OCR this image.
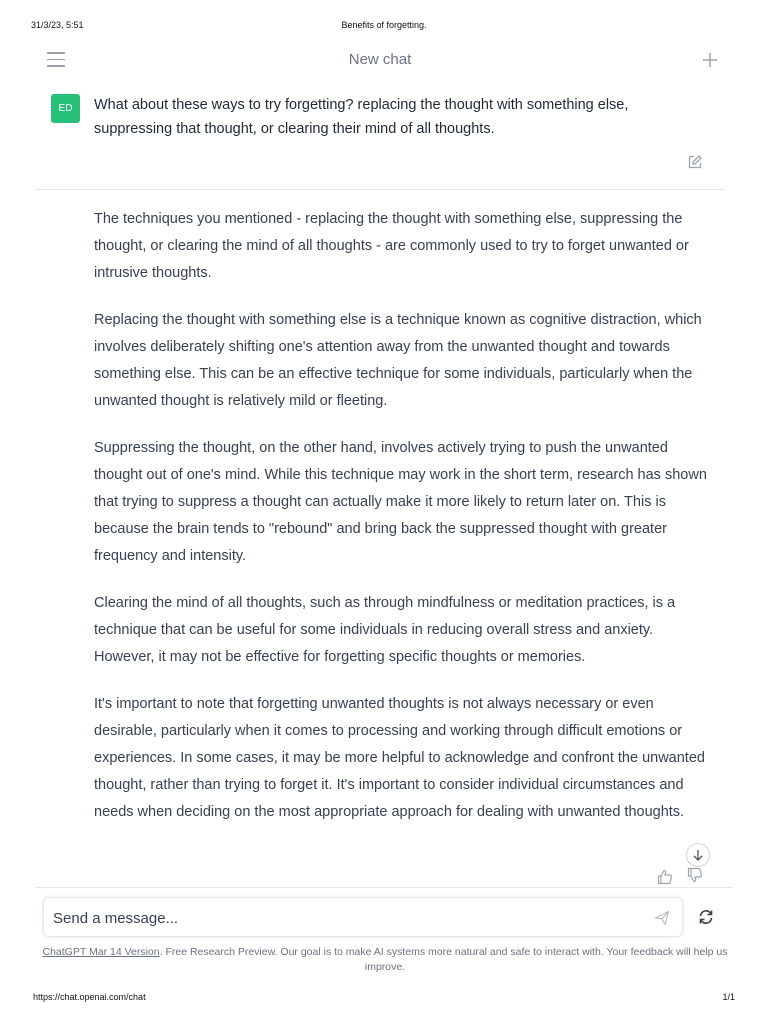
31/3/23, 5:51	Benefits of forgetting.
New chat
ED	What about these ways to try forgetting? replacing the thought with something else, suppressing that thought, or clearing their mind of all thoughts.

The techniques you mentioned - replacing the thought with something else, suppressing the thought, or clearing the mind of all thoughts - are commonly used to try to forget unwanted or intrusive thoughts.

Replacing the thought with something else is a technique known as cognitive distraction, which involves deliberately shifting one's attention away from the unwanted thought and towards something else. This can be an effective technique for some individuals, particularly when the unwanted thought is relatively mild or fleeting.

Suppressing the thought, on the other hand, involves actively trying to push the unwanted thought out of one's mind. While this technique may work in the short term, research has shown that trying to suppress a thought can actually make it more likely to return later on. This is because the brain tends to "rebound" and bring back the suppressed thought with greater frequency and intensity.

Clearing the mind of all thoughts, such as through mindfulness or meditation practices, is a technique that can be useful for some individuals in reducing overall stress and anxiety. However, it may not be effective for forgetting specific thoughts or memories.

It's important to note that forgetting unwanted thoughts is not always necessary or even desirable, particularly when it comes to processing and working through difficult emotions or experiences. In some cases, it may be more helpful to acknowledge and confront the unwanted thought, rather than trying to forget it. It's important to consider individual circumstances and needs when deciding on the most appropriate approach for dealing with unwanted thoughts.

Send a message...
ChatGPT Mar 14 Version. Free Research Preview. Our goal is to make AI systems more natural and safe to interact with. Your feedback will help us improve.
https://chat.openai.com/chat	1/1
